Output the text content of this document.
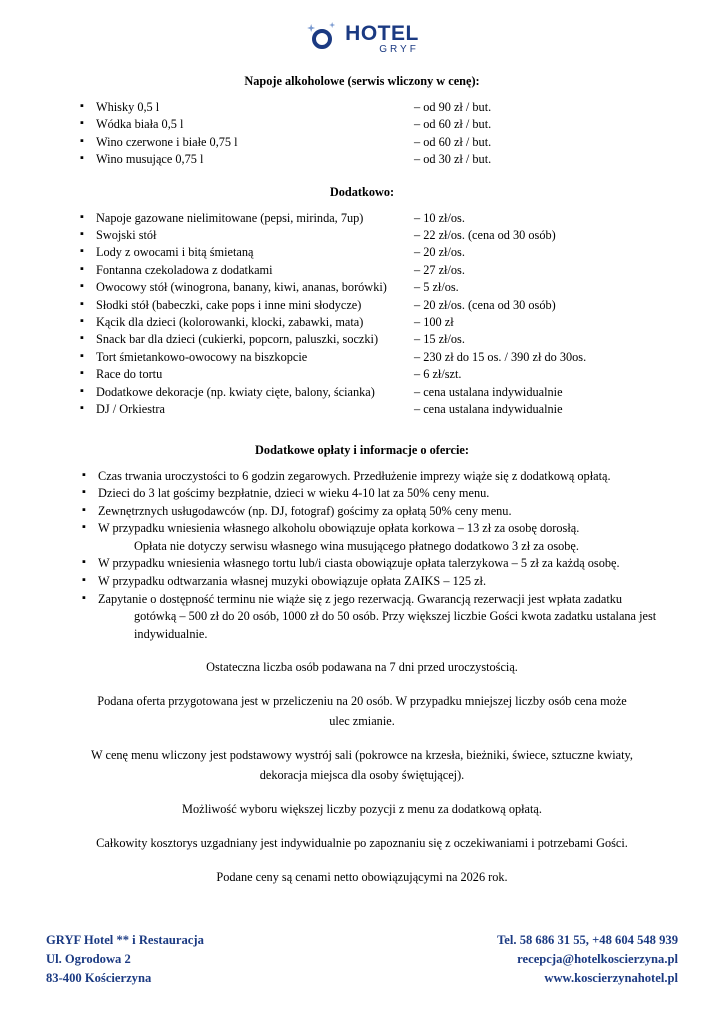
HOTEL
GRYF
Napoje alkoholowe (serwis wliczony w cenę):
▪ Whisky 0,5 l	– od 90 zł / but.
▪ Wódka biała 0,5 l	– od 60 zł / but.
▪ Wino czerwone i białe 0,75 l	– od 60 zł / but.
▪ Wino musujące 0,75 l	– od 30 zł / but.
Dodatkowo:
▪ Napoje gazowane nielimitowane (pepsi, mirinda, 7up)	– 10 zł/os.
▪ Swojski stół	– 22 zł/os. (cena od 30 osób)
▪ Lody z owocami i bitą śmietaną	– 20 zł/os.
▪ Fontanna czekoladowa z dodatkami	– 27 zł/os.
▪ Owocowy stół (winogrona, banany, kiwi, ananas, borówki)	– 5 zł/os.
▪ Słodki stół (babeczki, cake pops i inne mini słodycze)	– 20 zł/os. (cena od 30 osób)
▪ Kącik dla dzieci (kolorowanki, klocki, zabawki, mata)	– 100 zł
▪ Snack bar dla dzieci (cukierki, popcorn, paluszki, soczki)	– 15 zł/os.
▪ Tort śmietankowo-owocowy na biszkopcie	– 230 zł do 15 os. / 390 zł do 30os.
▪ Race do tortu	– 6 zł/szt.
▪ Dodatkowe dekoracje (np. kwiaty cięte, balony, ścianka)	– cena ustalana indywidualnie
▪ DJ / Orkiestra	– cena ustalana indywidualnie
Dodatkowe opłaty i informacje o ofercie:
▪ Czas trwania uroczystości to 6 godzin zegarowych. Przedłużenie imprezy wiąże się z dodatkową opłatą.
▪ Dzieci do 3 lat gościmy bezpłatnie, dzieci w wieku 4-10 lat za 50% ceny menu.
▪ Zewnętrznych usługodawców (np. DJ, fotograf) gościmy za opłatą 50% ceny menu.
▪ W przypadku wniesienia własnego alkoholu obowiązuje opłata korkowa – 13 zł za osobę dorosłą.
Opłata nie dotyczy serwisu własnego wina musującego płatnego dodatkowo 3 zł za osobę.
▪ W przypadku wniesienia własnego tortu lub/i ciasta obowiązuje opłata talerzykowa – 5 zł za każdą osobę.
▪ W przypadku odtwarzania własnej muzyki obowiązuje opłata ZAIKS – 125 zł.
▪ Zapytanie o dostępność terminu nie wiąże się z jego rezerwacją. Gwarancją rezerwacji jest wpłata zadatku
gotówką – 500 zł do 20 osób, 1000 zł do 50 osób. Przy większej liczbie Gości kwota zadatku ustalana jest indywidualnie.

Ostateczna liczba osób podawana na 7 dni przed uroczystością.

Podana oferta przygotowana jest w przeliczeniu na 20 osób. W przypadku mniejszej liczby osób cena może ulec zmianie.

W cenę menu wliczony jest podstawowy wystrój sali (pokrowce na krzesła, bieżniki, świece, sztuczne kwiaty, dekoracja miejsca dla osoby świętującej).

Możliwość wyboru większej liczby pozycji z menu za dodatkową opłatą.

Całkowity kosztorys uzgadniany jest indywidualnie po zapoznaniu się z oczekiwaniami i potrzebami Gości.

Podane ceny są cenami netto obowiązującymi na 2026 rok.

GRYF Hotel ** i Restauracja
Ul. Ogrodowa 2
83-400 Kościerzyna
Tel. 58 686 31 55, +48 604 548 939
recepcja@hotelkoscierzyna.pl
www.koscierzynahotel.pl
